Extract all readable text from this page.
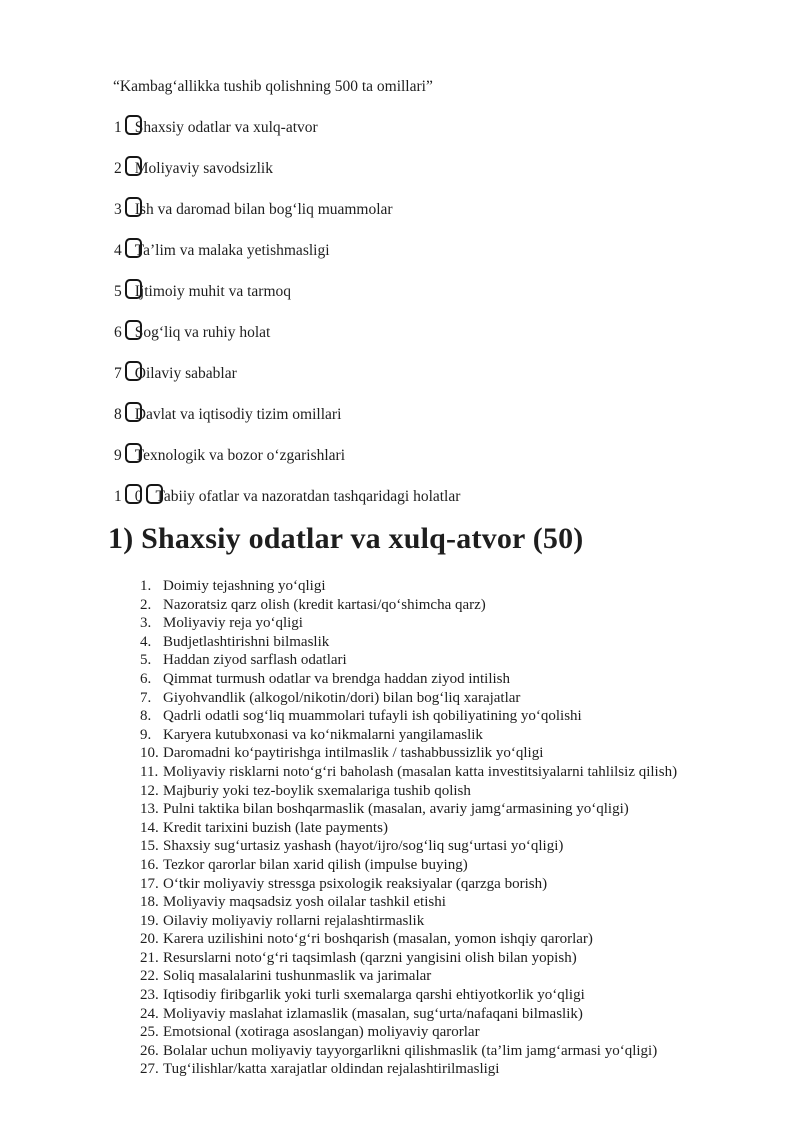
“Kambagʻallikka tushib qolishning 500 ta omillari”

1 Shaxsiy odatlar va xulq-atvor
2 Moliyaviy savodsizlik
3 Ish va daromad bilan bogʻliq muammolar
4 Ta’lim va malaka yetishmasligi
5 Ijtimoiy muhit va tarmoq
6 Sogʻliq va ruhiy holat
7 Oilaviy sabablar
8 Davlat va iqtisodiy tizim omillari
9 Texnologik va bozor oʻzgarishlari
1 0 Tabiiy ofatlar va nazoratdan tashqaridagi holatlar
1) Shaxsiy odatlar va xulq-atvor (50)
1. Doimiy tejashning yoʻqligi
2. Nazoratsiz qarz olish (kredit kartasi/qoʻshimcha qarz)
3. Moliyaviy reja yoʻqligi
4. Budjetlashtirishni bilmaslik
5. Haddan ziyod sarflash odatlari
6. Qimmat turmush odatlar va brendga haddan ziyod intilish
7. Giyohvandlik (alkogol/nikotin/dori) bilan bogʻliq xarajatlar
8. Qadrli odatli sogʻliq muammolari tufayli ish qobiliyatining yoʻqolishi
9. Karyera kutubxonasi va koʻnikmalarni yangilamaslik
10. Daromadni koʻpaytirishga intilmaslik / tashabbussizlik yoʻqligi
11. Moliyaviy risklarni notoʻgʻri baholash (masalan katta investitsiyalarni tahlilsiz qilish)
12. Majburiy yoki tez-boylik sxemalariga tushib qolish
13. Pulni taktika bilan boshqarmaslik (masalan, avariy jamgʻarmasining yoʻqligi)
14. Kredit tarixini buzish (late payments)
15. Shaxsiy sugʻurtasiz yashash (hayot/ijro/sogʻliq sugʻurtasi yoʻqligi)
16. Tezkor qarorlar bilan xarid qilish (impulse buying)
17. Oʻtkir moliyaviy stressga psixologik reaksiyalar (qarzga borish)
18. Moliyaviy maqsadsiz yosh oilalar tashkil etishi
19. Oilaviy moliyaviy rollarni rejalashtirmaslik
20. Karera uzilishini notoʻgʻri boshqarish (masalan, yomon ishqiy qarorlar)
21. Resurslarni notoʻgʻri taqsimlash (qarzni yangisini olish bilan yopish)
22. Soliq masalalarini tushunmaslik va jarimalar
23. Iqtisodiy firibgarlik yoki turli sxemalarga qarshi ehtiyotkorlik yoʻqligi
24. Moliyaviy maslahat izlamaslik (masalan, sugʻurta/nafaqani bilmaslik)
25. Emotsional (xotiraga asoslangan) moliyaviy qarorlar
26. Bolalar uchun moliyaviy tayyorgarlikni qilishmaslik (ta’lim jamgʻarmasi yoʻqligi)
27. Tugʻilishlar/katta xarajatlar oldindan rejalashtirilmasligi
